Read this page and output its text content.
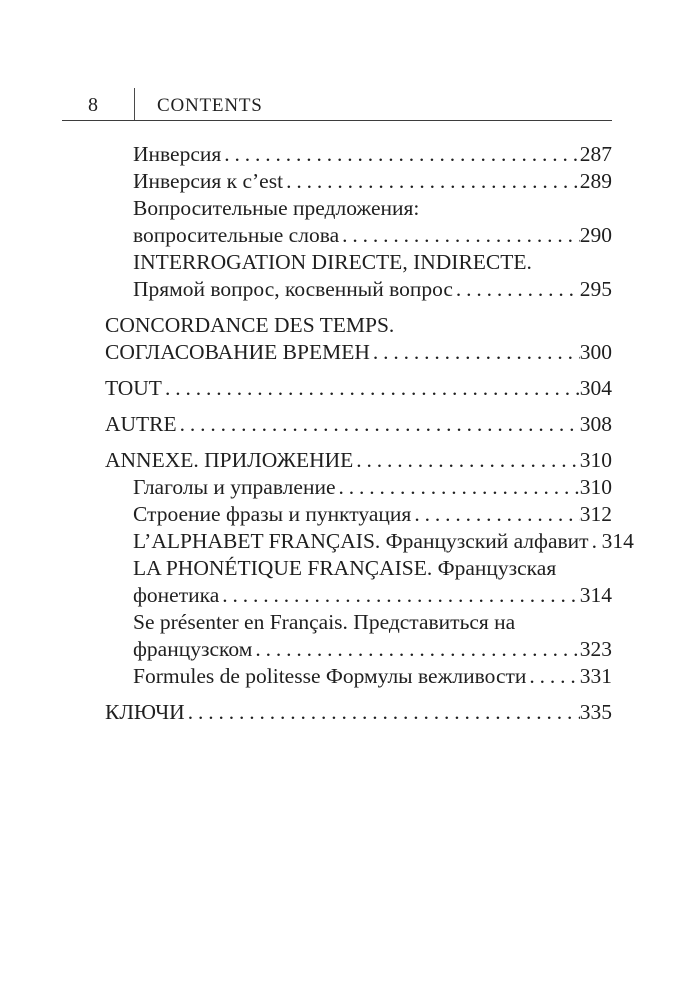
8	CONTENTS
Инверсия . . .	287
Инверсия к c’est . . .	289
Вопросительные предложения:
вопросительные слова . . .	290
INTERROGATION DIRECTE, INDIRECTE.
Прямой вопрос, косвенный вопрос . . .	295
CONCORDANCE DES TEMPS.
СОГЛАСОВАНИЕ ВРЕМЕН . . .	300
TOUT . . .	304
AUTRE . . .	308
ANNEXE. ПРИЛОЖЕНИЕ . . .	310
Глаголы и управление . . .	310
Строение фразы и пунктуация . . .	312
L’ALPHABET FRANÇAIS. Французский алфавит . . . 314
LA PHONÉTIQUE FRANÇAISE. Французская
фонетика . . .	314
Se présenter en Français. Представиться на
французском . . .	323
Formules de politesse Формулы вежливости . . . 331
КЛЮЧИ . . .	335
